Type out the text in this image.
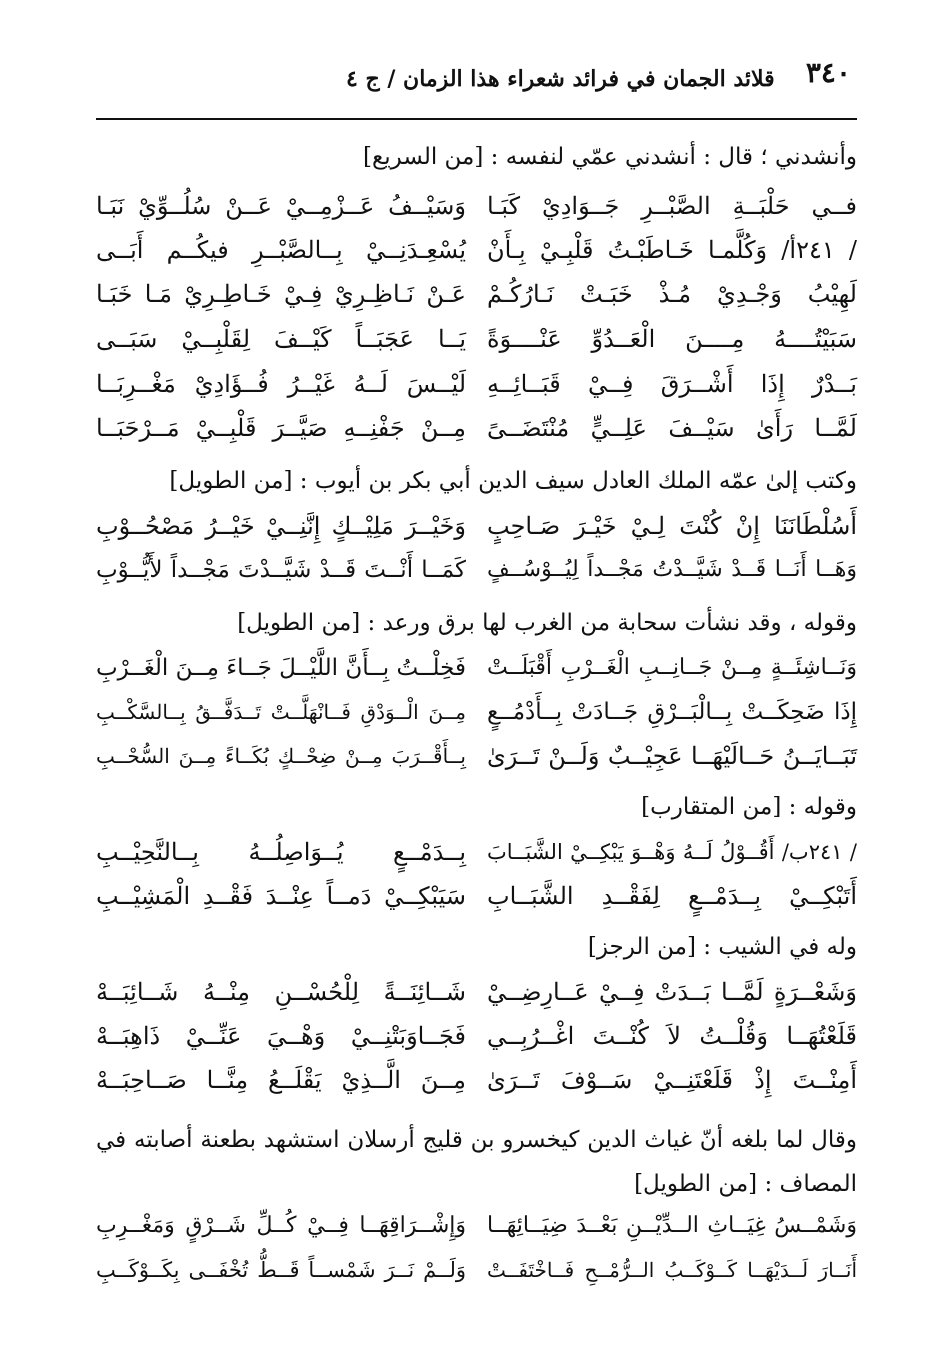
٣٤٠
قلائد الجمان في فرائد شعراء هذا الزمان / ج ٤
وأنشدني ؛ قال : أنشدني عمّي لنفسه : [من السريع]
فــي حَلْبَــةِ الصَّبْــرِ جَــوَادِيْ كَبَـا
وَسَيْــفُ عَــزْمِــيْ عَــنْ سُلُــوِّيْ نَبَـا
/ ٢٤١أ/ وَكُلَّمـا خَـاطَبْـتُ قَلْبِـيْ بِـأَنْ
يُسْعِـدَنِــيْ بِــالصَّبْــرِ فيكُــم أَبَــى
لَهِيْبُ وَجْـدِيْ مُـذْ خَبَـتْ نَـارُكُـمْ
عَـنْ نَـاظِـرِيْ فِـيْ خَـاطِـرِيْ مَـا خَبَـا
سَبَيْتُــــهُ مِــــنَ الْعَــدُوِّ عَنْــــوَةً
يَــا عَجَبَــاً كَيْــفَ لِقَلْبِــيْ سَبَــى
بَــدْرٌ إِذَا أَشْــرَقَ فِــيْ قَبَــائِــهِ
لَيْــسَ لَــهُ غَيْــرُ فُــؤَادِيْ مَغْــرِبَــا
لَمَّــا رَأَىٰ سَيْــفَ عَلِــيٍّ مُنْتَضَــىً
مِــنْ جَفْنِــهِ صَيَّــرَ قَلْبِــيْ مَــرْحَبَــا
وكتب إلىٰ عمّه الملك العادل سيف الدين أبي بكر بن أيوب : [من الطويل]
أَسُلْطَانَنَا إِنْ كُنْتَ لِـيْ خَيْـرَ صَـاحِبٍ
وَخَيْــرَ مَلِيْــكٍ إِنَّنِــيْ خَيْــرُ مَصْحُــوْبِ
وَهَــا أَنَــا قَــدْ شَيَّــدْتُ مَجْــداً لِيُــوْسُــفٍ
كَمَــا أَنْــتَ قَــدْ شَيَّــدْتَ مَجْــداً لأَيُّــوْبِ
وقوله ، وقد نشأت سحابة من الغرب لها برق ورعد : [من الطويل]
وَنَــاشِئَــةٍ مِــنْ جَــانِــبِ الْغَــرْبِ أَقْبَلَــتْ
فَخِلْــتُ بِــأَنَّ اللَّيْــلَ جَــاءَ مِــنَ الْغَــرْبِ
إِذَا ضَحِكَــتْ بِــالْبَــرْقِ جَــادَتْ بِــأَدْمُــعٍ
مِــنَ الْــوَدْقِ فَــانْهَلَّــتْ تَــدَفَّــقُ بِــالسَّكْــبِ
تَبَــايَــنُ حَــالَيْهَــا عَجِيْــبٌ وَلَــنْ تَــرَىٰ
بِــأَقْــرَبَ مِــنْ ضِحْــكٍ بُكَــاءً مِــنَ السُّحْــبِ
وقوله : [من المتقارب]
/ ٢٤١ب/ أَقُــوْلُ لَــهُ وَهْــوَ يَبْكِــيْ الشَّبَــابَ
بِــدَمْــعٍ يُــوَاصِلُــهُ بِــالنَّحِيْــبِ
أَتَبْكِــيْ بِــدَمْــعٍ لِفَقْــدِ الشَّبَــابِ
سَيَبْكِــيْ دَمــاً عِنْــدَ فَقْــدِ الْمَشِيْــبِ
وله في الشيب : [من الرجز]
وَشَعْــرَةٍ لَمَّــا بَــدَتْ فِــيْ عَــارِضِــيْ
شَــائِنَــةً لِلْحُسْــنِ مِنْــهُ شَــائِبَــهْ
قَلَعْتُهَــا وَقُلْــتُ لاَ كُنْــتَ اغْــرُبِــي
فَجَــاوَبَتْنِــيْ وَهْــيَ عَنِّــيْ ذَاهِبَــهْ
أَمِنْــتَ إِذْ قَلَعْتَنِــيْ سَــوْفَ تَــرَىٰ
مِــنَ الَّــذِيْ يَقْلَــعُ مِنَّــا صَــاحِبَــهْ
وقال لما بلغه أنّ غياث الدين كيخسرو بن قليج أرسلان استشهد بطعنة أصابته في المصاف : [من الطويل]
وَشَمْــسُ غِيَــاثِ الــدِّيْــنِ بَعْــدَ ضِيَــائِهَــا
وَإِشْــرَاقِهَــا فِــيْ كُــلِّ شَــرْقٍ وَمَغْــرِبِ
أَنَــارَ لَــدَيْهَــا كَــوْكَــبُ الــرُّمْــحِ فَــاخْتَفَــتْ
وَلَــمْ نَــرَ شَمْســاً قَــطُّ تُخْفَــى بِكَــوْكَــبِ
